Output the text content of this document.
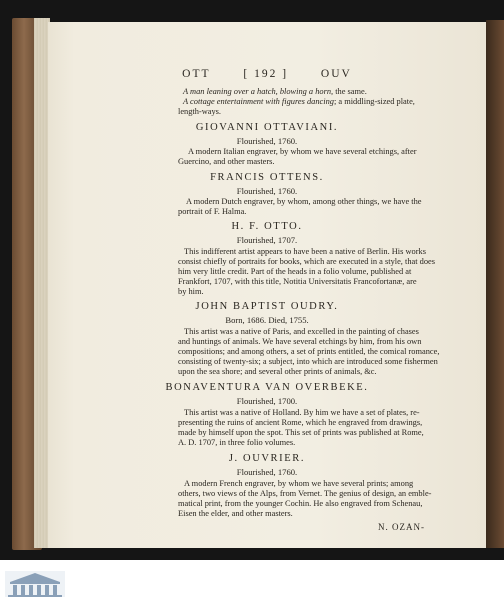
OTT	[ 192 ]	OUV
A man leaning over a hatch, blowing a horn, the same.
A cottage entertainment with figures dancing; a middling-sized plate,
length-ways.
GIOVANNI OTTAVIANI.
Flourished, 1760.
A modern Italian engraver, by whom we have several etchings, after
Guercino, and other masters.
FRANCIS OTTENS.
Flourished, 1760.
A modern Dutch engraver, by whom, among other things, we have the
portrait of F. Halma.
H. F. OTTO.
Flourished, 1707.
This indifferent artist appears to have been a native of Berlin. His works
consist chiefly of portraits for books, which are executed in a style, that does
him very little credit. Part of the heads in a folio volume, published at
Frankfort, 1707, with this title, Notitia Universitatis Francofortanæ, are
by him.
JOHN BAPTIST OUDRY.
Born, 1686. Died, 1755.
This artist was a native of Paris, and excelled in the painting of chases
and huntings of animals. We have several etchings by him, from his own
compositions; and among others, a set of prints entitled, the comical romance,
consisting of twenty-six; a subject, into which are introduced some fishermen
upon the sea shore; and several other prints of animals, &c.
BONAVENTURA VAN OVERBEKE.
Flourished, 1700.
This artist was a native of Holland. By him we have a set of plates, re-
presenting the ruins of ancient Rome, which he engraved from drawings,
made by himself upon the spot. This set of prints was published at Rome,
A. D. 1707, in three folio volumes.
J. OUVRIER.
Flourished, 1760.
A modern French engraver, by whom we have several prints; among
others, two views of the Alps, from Vernet. The genius of design, an emble-
matical print, from the younger Cochin. He also engraved from Schenau,
Eisen the elder, and other masters.
N. OZAN-
